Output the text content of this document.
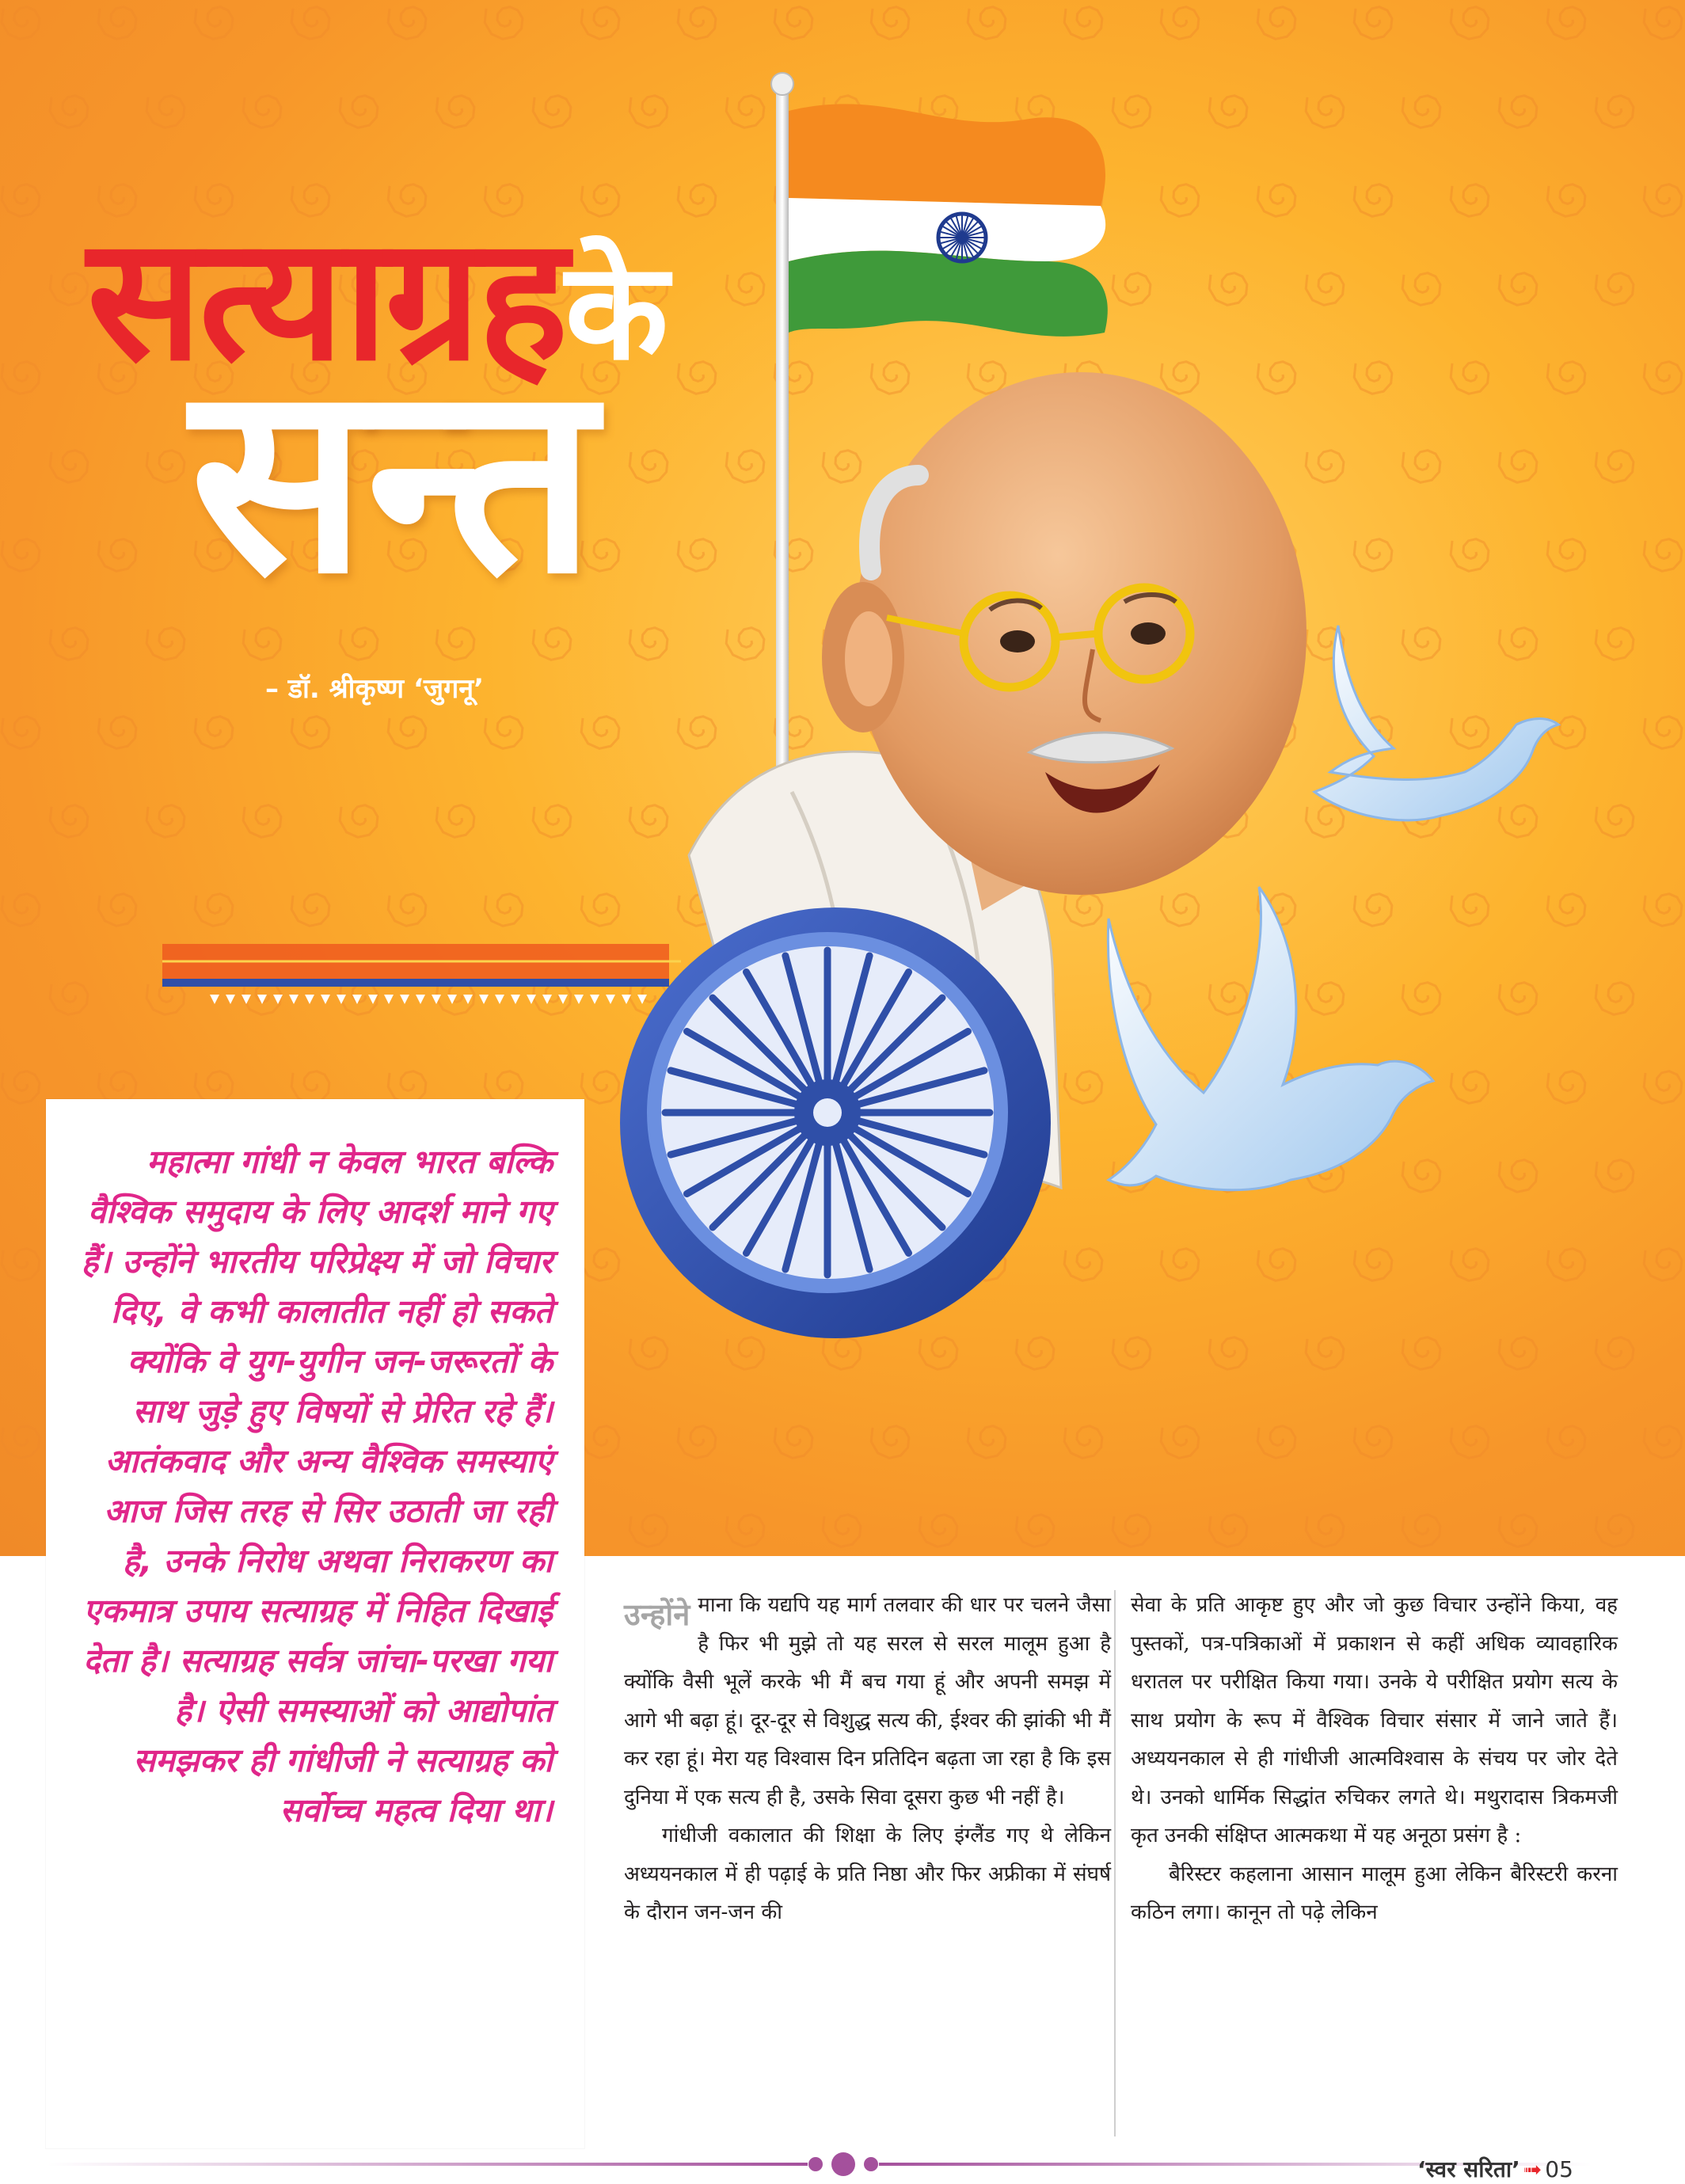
सत्याग्रहके
सन्त
– डॉ. श्रीकृष्ण ‘जुगनू’

महात्मा गांधी न केवल भारत बल्कि वैश्विक समुदाय के लिए आदर्श माने गए हैं। उन्होंने भारतीय परिप्रेक्ष्य में जो विचार दिए, वे कभी कालातीत नहीं हो सकते क्योंकि वे युग-युगीन जन-जरूरतों के साथ जुड़े हुए विषयों से प्रेरित रहे हैं। आतंकवाद और अन्य वैश्विक समस्याएं आज जिस तरह से सिर उठाती जा रही है, उनके निरोध अथवा निराकरण का एकमात्र उपाय सत्याग्रह में निहित दिखाई देता है। सत्याग्रह सर्वत्र जांचा-परखा गया है। ऐसी समस्याओं को आद्योपांत समझकर ही गांधीजी ने सत्याग्रह को सर्वोच्च महत्व दिया था।

उन्होंने माना कि यद्यपि यह मार्ग तलवार की धार पर चलने जैसा है फिर भी मुझे तो यह सरल से सरल मालूम हुआ है क्योंकि वैसी भूलें करके भी मैं बच गया हूं और अपनी समझ में आगे भी बढ़ा हूं। दूर-दूर से विशुद्ध सत्य की, ईश्वर की झांकी भी मैं कर रहा हूं। मेरा यह विश्वास दिन प्रतिदिन बढ़ता जा रहा है कि इस दुनिया में एक सत्य ही है, उसके सिवा दूसरा कुछ भी नहीं है।

गांधीजी वकालात की शिक्षा के लिए इंग्लैंड गए थे लेकिन अध्ययनकाल में ही पढ़ाई के प्रति निष्ठा और फिर अफ्रीका में संघर्ष के दौरान जन-जन की

सेवा के प्रति आकृष्ट हुए और जो कुछ विचार उन्होंने किया, वह पुस्तकों, पत्र-पत्रिकाओं में प्रकाशन से कहीं अधिक व्यावहारिक धरातल पर परीक्षित किया गया। उनके ये परीक्षित प्रयोग सत्य के साथ प्रयोग के रूप में वैश्विक विचार संसार में जाने जाते हैं। अध्ययनकाल से ही गांधीजी आत्मविश्वास के संचय पर जोर देते थे। उनको धार्मिक सिद्धांत रुचिकर लगते थे। मथुरादास त्रिकमजी कृत उनकी संक्षिप्त आत्मकथा में यह अनूठा प्रसंग है :

बैरिस्टर कहलाना आसान मालूम हुआ लेकिन बैरिस्टरी करना कठिन लगा। कानून तो पढ़े लेकिन

‘स्वर सरिता’ ➟ 05
